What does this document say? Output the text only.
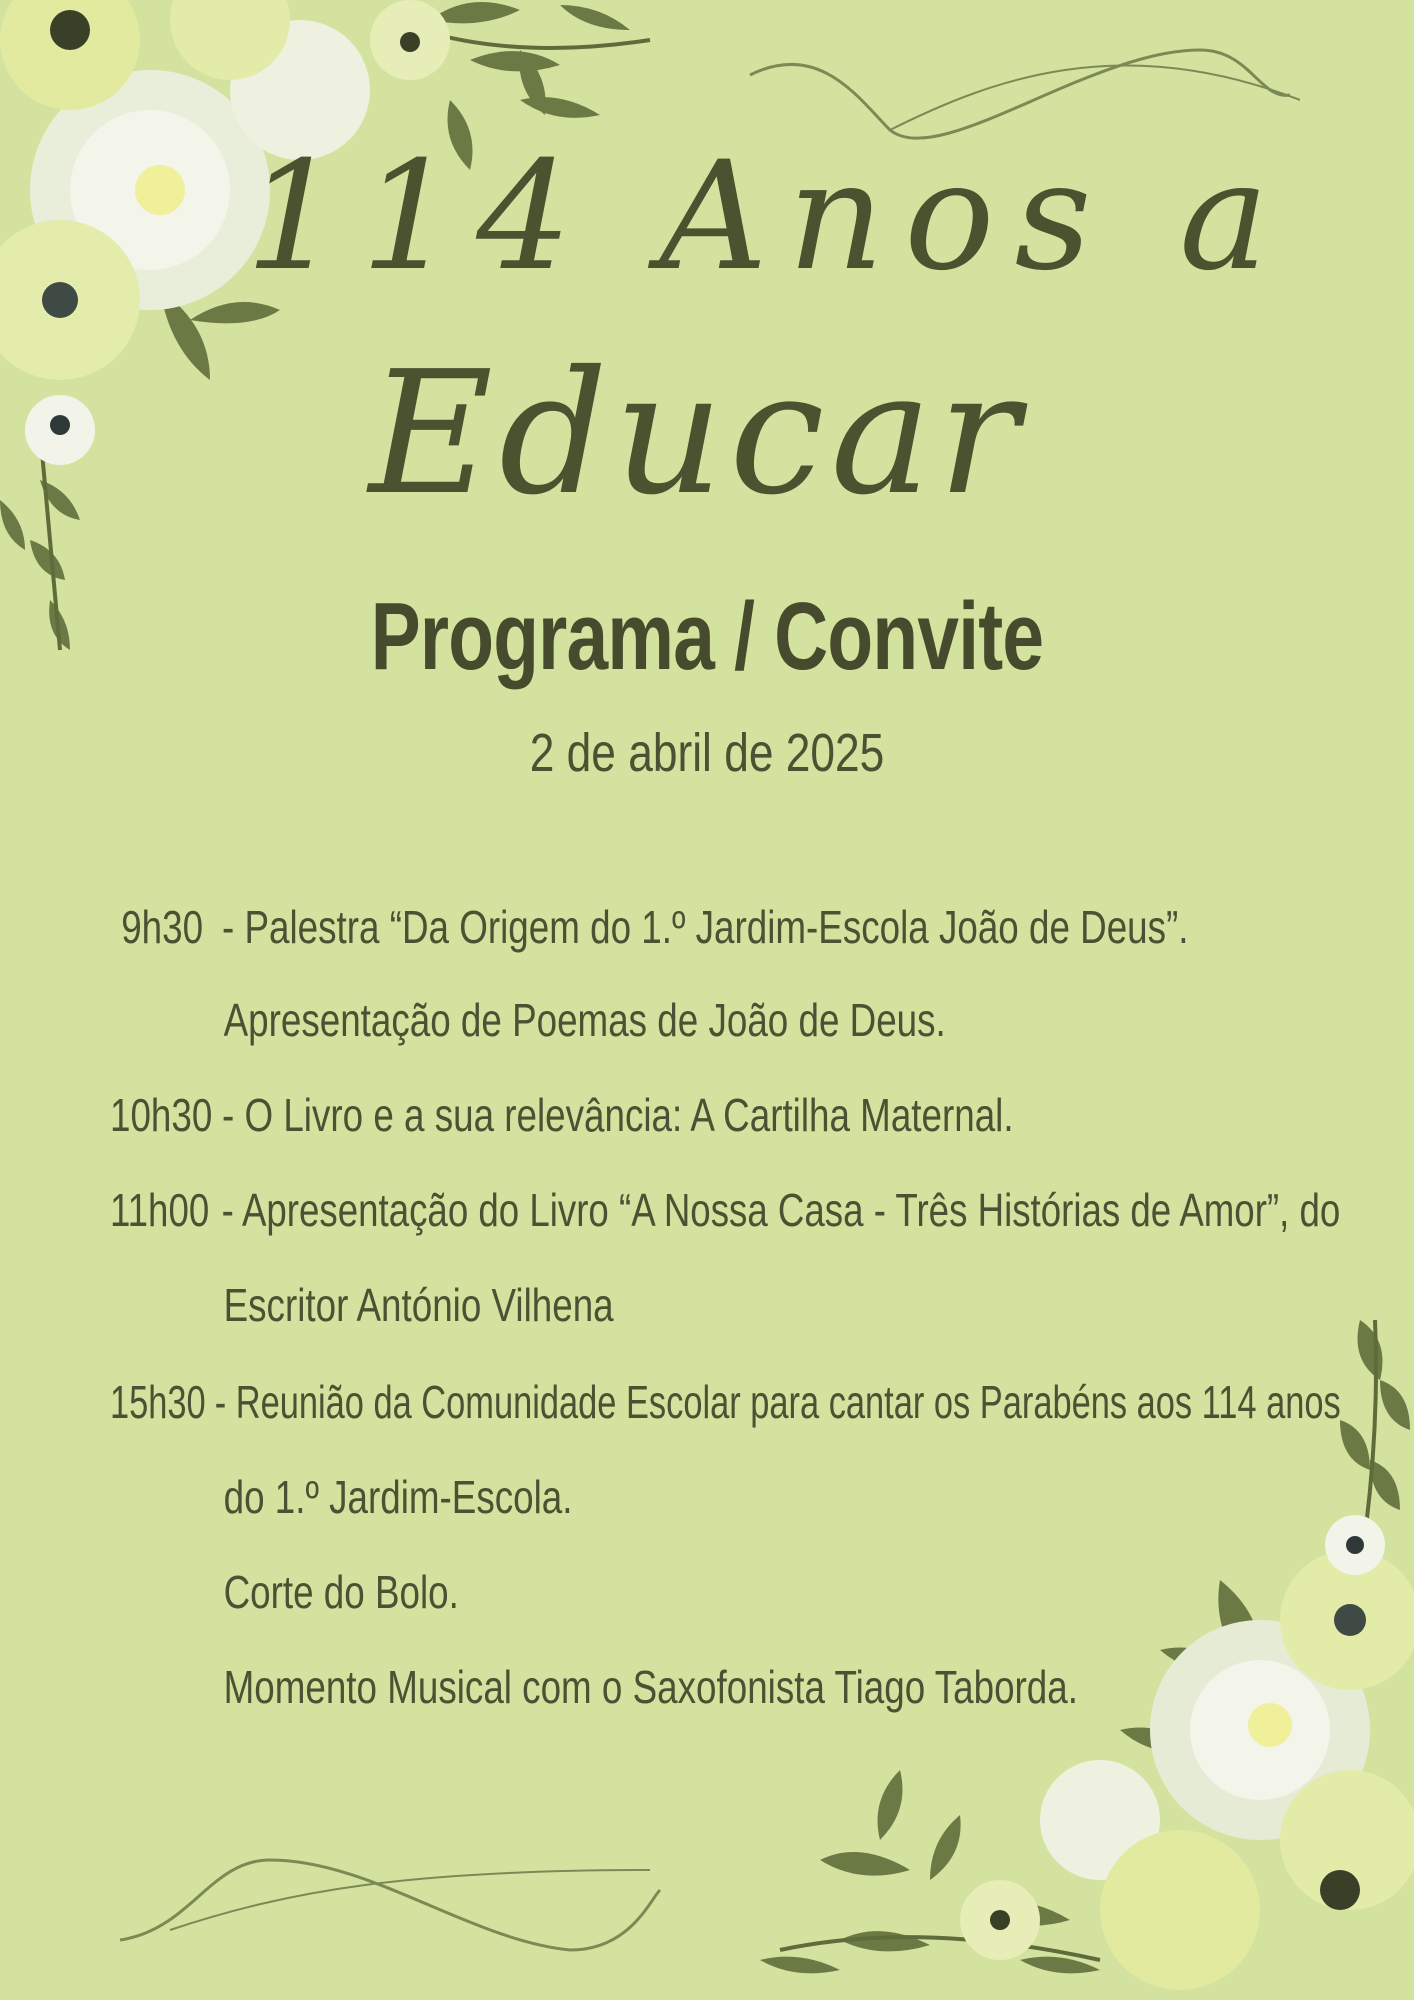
114 Anos a
Educar
Programa / Convite
2 de abril de 2025
9h30 - Palestra “Da Origem do 1.º Jardim-Escola João de Deus”.
Apresentação de Poemas de João de Deus.
10h30 - O Livro e a sua relevância: A Cartilha Maternal.
11h00 - Apresentação do Livro “A Nossa Casa - Três Histórias de Amor”, do
Escritor António Vilhena
15h30 - Reunião da Comunidade Escolar para cantar os Parabéns aos 114 anos
do 1.º Jardim-Escola.
Corte do Bolo.
Momento Musical com o Saxofonista Tiago Taborda.
